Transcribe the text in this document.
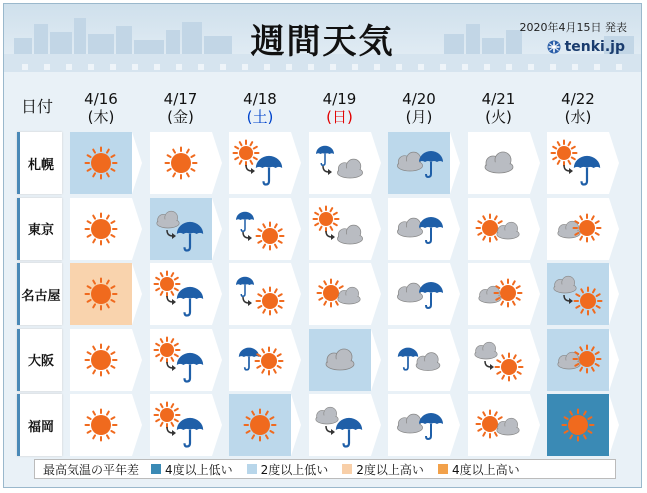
週間天気	2020年4月15日 発表
tenki.jp
日付	4/16
(木)
4/17
(金)
4/18
(土)
4/19
(日)
4/20
(月)
4/21
(火)
4/22
(水)
札幌
東京
名古屋
大阪
福岡
最高気温の平年差 4度以上低い 2度以上低い 2度以上高い 4度以上高い
